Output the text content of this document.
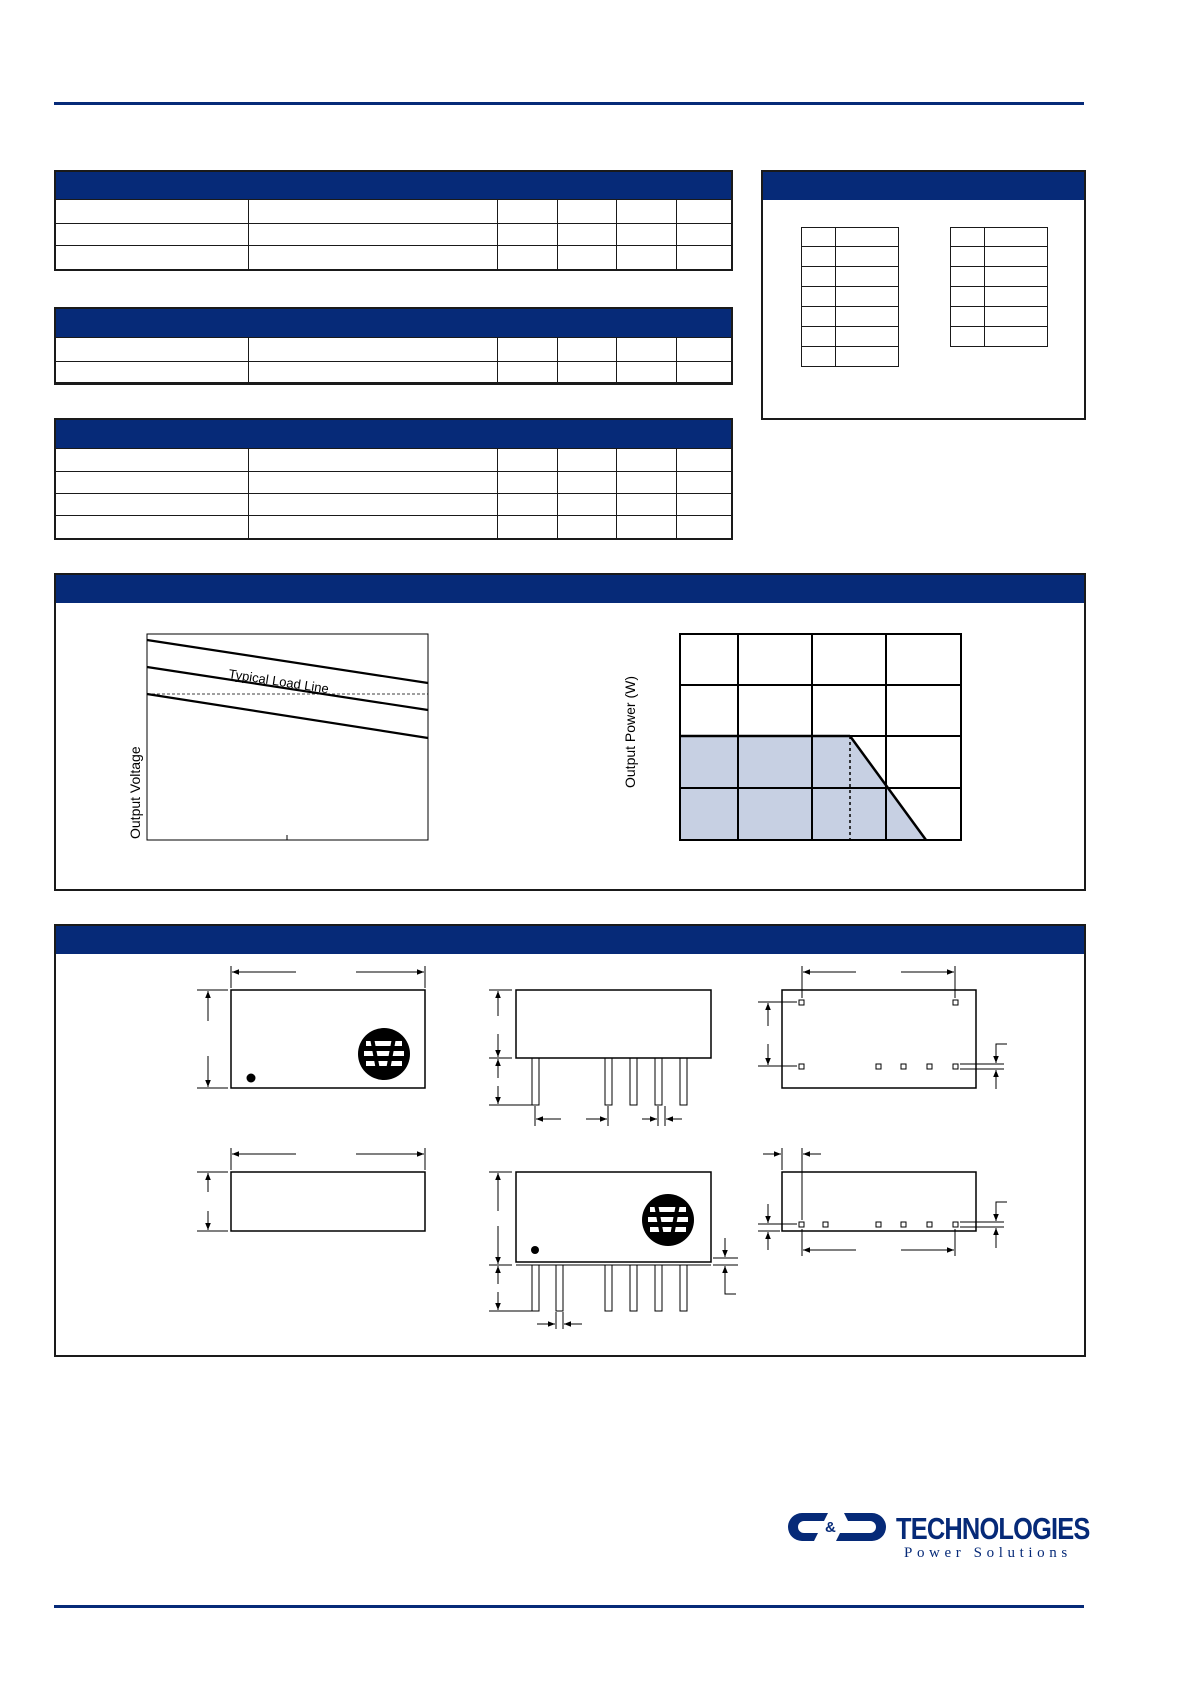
Typical Load Line
Output Voltage
Output Power (W)
& TECHNOLOGIES
Power Solutions
